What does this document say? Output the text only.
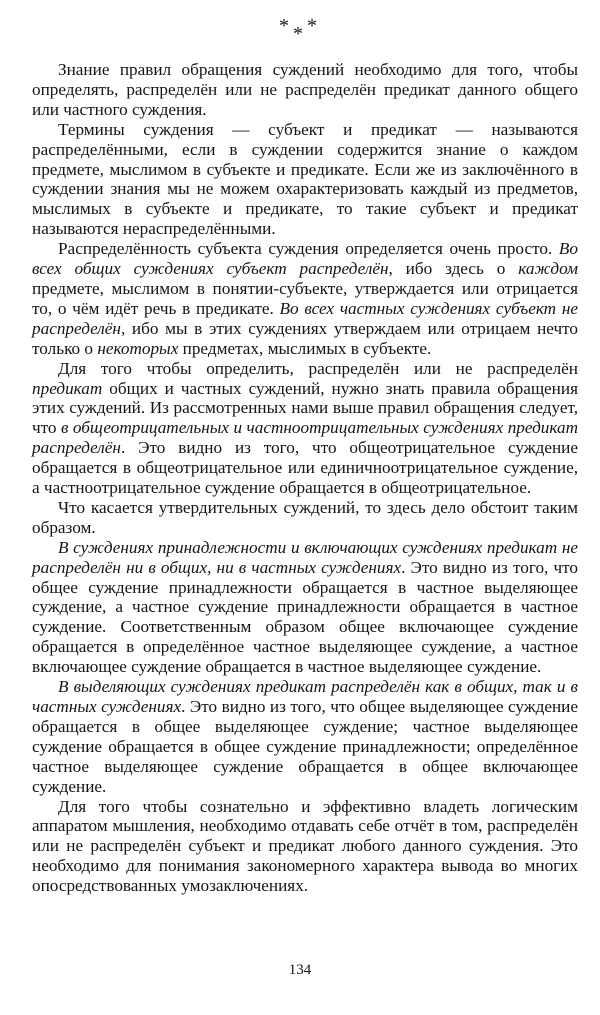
***

Знание правил обращения суждений необходимо для того, чтобы определять, распределён или не распределён предикат данного общего или частного суждения.

Термины суждения — субъект и предикат — называются распределёнными, если в суждении содержится знание о каждом предмете, мыслимом в субъекте и предикате. Если же из заключённого в суждении знания мы не можем охарактеризовать каждый из предметов, мыслимых в субъекте и предикате, то такие субъект и предикат называются нераспределёнными.

Распределённость субъекта суждения определяется очень просто. Во всех общих суждениях субъект распределён, ибо здесь о каждом предмете, мыслимом в понятии-субъекте, утверждается или отрицается то, о чём идёт речь в предикате. Во всех частных суждениях субъект не распределён, ибо мы в этих суждениях утверждаем или отрицаем нечто только о некоторых предметах, мыслимых в субъекте.

Для того чтобы определить, распределён или не распределён предикат общих и частных суждений, нужно знать правила обращения этих суждений. Из рассмотренных нами выше правил обращения следует, что в общеотрицательных и частноотрицательных суждениях предикат распределён. Это видно из того, что общеотрицательное суждение обращается в общеотрицательное или единичноотрицательное суждение, а частноотрицательное суждение обращается в общеотрицательное.

Что касается утвердительных суждений, то здесь дело обстоит таким образом.

В суждениях принадлежности и включающих суждениях предикат не распределён ни в общих, ни в частных суждениях. Это видно из того, что общее суждение принадлежности обращается в частное выделяющее суждение, а частное суждение принадлежности обращается в частное суждение. Соответственным образом общее включающее суждение обращается в определённое частное выделяющее суждение, а частное включающее суждение обращается в частное выделяющее суждение.

В выделяющих суждениях предикат распределён как в общих, так и в частных суждениях. Это видно из того, что общее выделяющее суждение обращается в общее выделяющее суждение; частное выделяющее суждение обращается в общее суждение принадлежности; определённое частное выделяющее суждение обращается в общее включающее суждение.

Для того чтобы сознательно и эффективно владеть логическим аппаратом мышления, необходимо отдавать себе отчёт в том, распределён или не распределён субъект и предикат любого данного суждения. Это необходимо для понимания закономерного характера вывода во многих опосредствованных умозаключениях.

134
